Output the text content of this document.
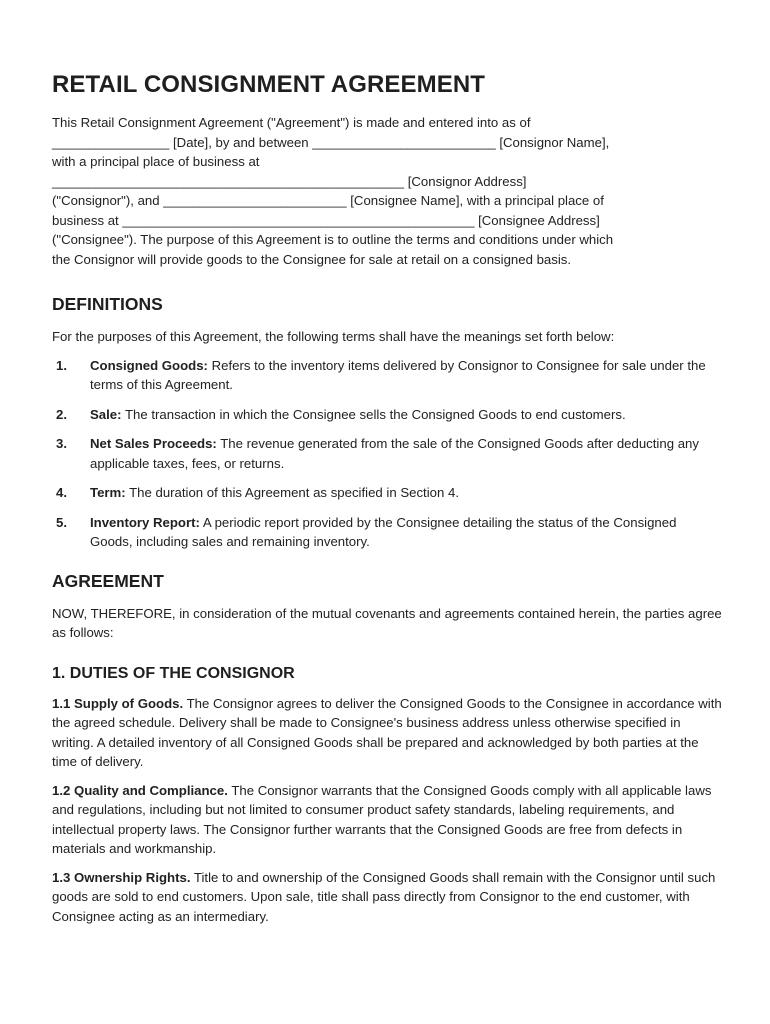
RETAIL CONSIGNMENT AGREEMENT

This Retail Consignment Agreement ("Agreement") is made and entered into as of
________________ [Date], by and between _________________________ [Consignor Name],
with a principal place of business at
________________________________________________ [Consignor Address]
("Consignor"), and _________________________ [Consignee Name], with a principal place of
business at ________________________________________________ [Consignee Address]
("Consignee"). The purpose of this Agreement is to outline the terms and conditions under which
the Consignor will provide goods to the Consignee for sale at retail on a consigned basis.

DEFINITIONS

For the purposes of this Agreement, the following terms shall have the meanings set forth below:

1.	Consigned Goods: Refers to the inventory items delivered by Consignor to Consignee for sale under the terms of this Agreement.
2.	Sale: The transaction in which the Consignee sells the Consigned Goods to end customers.
3.	Net Sales Proceeds: The revenue generated from the sale of the Consigned Goods after deducting any applicable taxes, fees, or returns.
4.	Term: The duration of this Agreement as specified in Section 4.
5.	Inventory Report: A periodic report provided by the Consignee detailing the status of the Consigned Goods, including sales and remaining inventory.
AGREEMENT

NOW, THEREFORE, in consideration of the mutual covenants and agreements contained herein, the parties agree as follows:

1. DUTIES OF THE CONSIGNOR

1.1 Supply of Goods. The Consignor agrees to deliver the Consigned Goods to the Consignee in accordance with the agreed schedule. Delivery shall be made to Consignee's business address unless otherwise specified in writing. A detailed inventory of all Consigned Goods shall be prepared and acknowledged by both parties at the time of delivery.

1.2 Quality and Compliance. The Consignor warrants that the Consigned Goods comply with all applicable laws and regulations, including but not limited to consumer product safety standards, labeling requirements, and intellectual property laws. The Consignor further warrants that the Consigned Goods are free from defects in materials and workmanship.

1.3 Ownership Rights. Title to and ownership of the Consigned Goods shall remain with the Consignor until such goods are sold to end customers. Upon sale, title shall pass directly from Consignor to the end customer, with Consignee acting as an intermediary.
